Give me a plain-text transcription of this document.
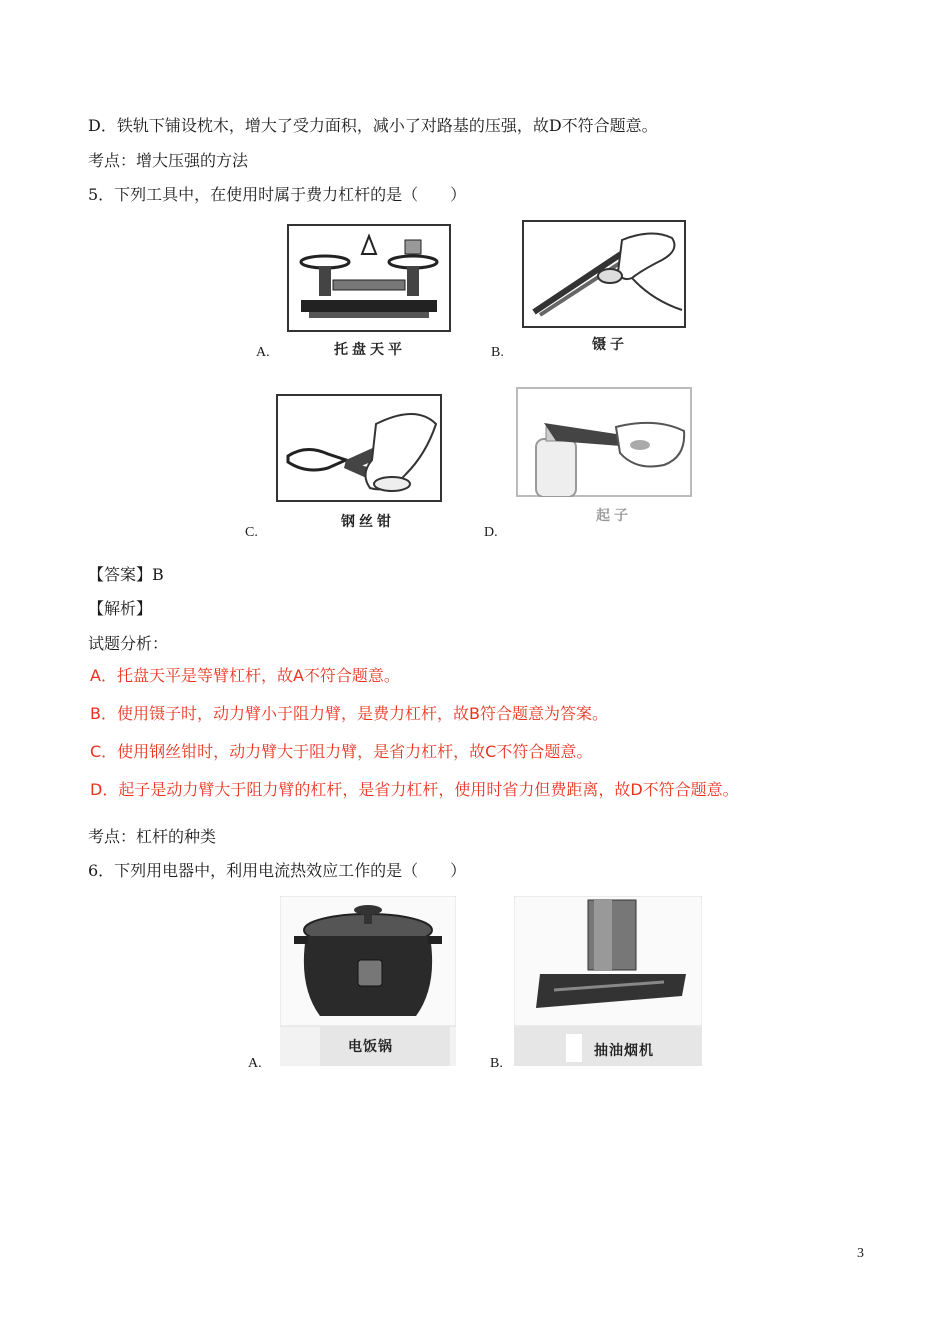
D．铁轨下铺设枕木，增大了受力面积，减小了对路基的压强，故D不符合题意。
考点：增大压强的方法
5．下列工具中，在使用时属于费力杠杆的是（　　）
A.	托盘天平	B.	镊子
C.
钢丝钳
D.
起子
【答案】B
【解析】
试题分析：
A．托盘天平是等臂杠杆，故A不符合题意。
B．使用镊子时，动力臂小于阻力臂，是费力杠杆，故B符合题意为答案。
C．使用钢丝钳时，动力臂大于阻力臂，是省力杠杆，故C不符合题意。
D．起子是动力臂大于阻力臂的杠杆，是省力杠杆，使用时省力但费距离，故D不符合题意。
考点：杠杆的种类
6．下列用电器中，利用电流热效应工作的是（　　）
A.
电饭锅
B.
抽油烟机
3
